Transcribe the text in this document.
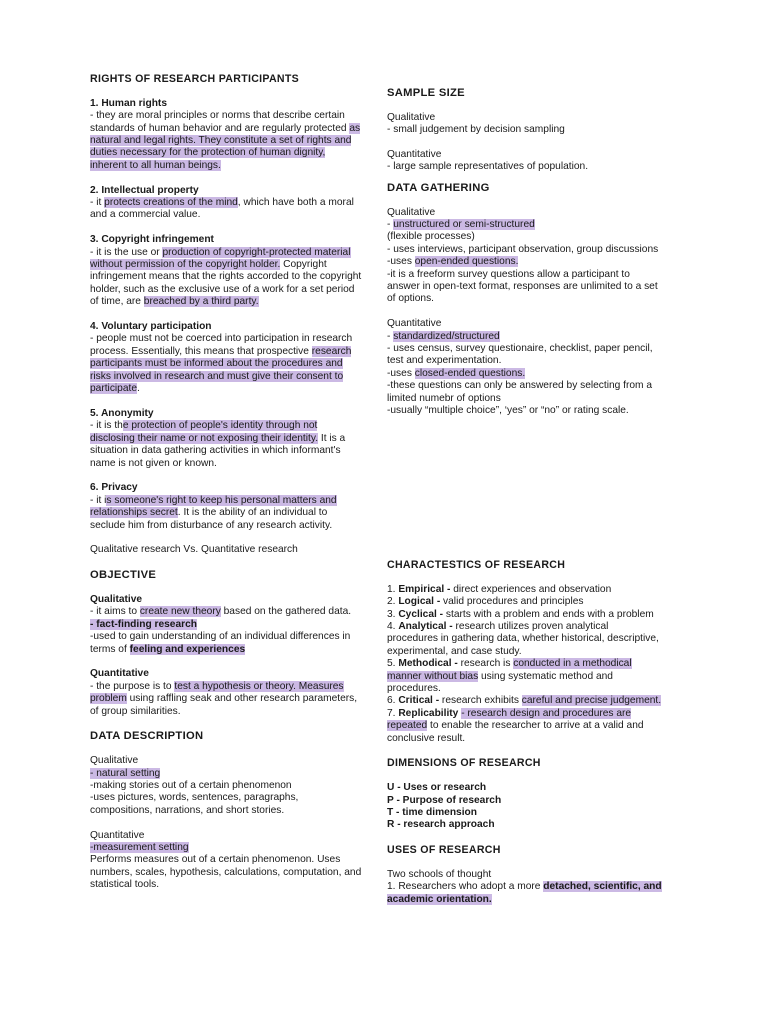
RIGHTS OF RESEARCH PARTICIPANTS

1. Human rights

- they are moral principles or norms that describe certain standards of human behavior and are regularly protected as natural and legal rights. They constitute a set of rights and duties necessary for the protection of human dignity, inherent to all human beings.

2. Intellectual property

- it protects creations of the mind, which have both a moral and a commercial value.

3. Copyright infringement

- it is the use or production of copyright-protected material without permission of the copyright holder. Copyright infringement means that the rights accorded to the copyright holder, such as the exclusive use of a work for a set period of time, are breached by a third party.

4. Voluntary participation

- people must not be coerced into participation in research process. Essentially, this means that prospective research participants must be informed about the procedures and risks involved in research and must give their consent to participate.

5. Anonymity

- it is the protection of people's identity through not disclosing their name or not exposing their identity. It is a situation in data gathering activities in which informant's name is not given or known.

6. Privacy

- it is someone's right to keep his personal matters and relationships secret. It is the ability of an individual to seclude him from disturbance of any research activity.

Qualitative research Vs. Quantitative research

OBJECTIVE

Qualitative

- it aims to create new theory based on the gathered data.

- fact-finding research

-used to gain understanding of an individual differences in terms of feeling and experiences

Quantitative

- the purpose is to test a hypothesis or theory. Measures problem using raffling seak and other research parameters, of group similarities.

DATA DESCRIPTION

Qualitative

- natural setting

-making stories out of a certain phenomenon

-uses pictures, words, sentences, paragraphs, compositions, narrations, and short stories.

Quantitative

-measurement setting

Performs measures out of a certain phenomenon. Uses numbers, scales, hypothesis, calculations, computation, and statistical tools.

SAMPLE SIZE

Qualitative

- small judgement by decision sampling

Quantitative

- large sample representatives of population.

DATA GATHERING

Qualitative

- unstructured or semi-structured

(flexible processes)

- uses interviews, participant observation, group discussions

-uses open-ended questions.

-it is a freeform survey questions allow a participant to answer in open-text format, responses are unlimited to a set of options.

Quantitative

- standardized/structured

- uses census, survey questionaire, checklist, paper pencil, test and experimentation.

-uses closed-ended questions.

-these questions can only be answered by selecting from a limited numebr of options

-usually “multiple choice”, ‘yes” or “no” or rating scale.

CHARACTESTICS OF RESEARCH

1. Empirical - direct experiences and observation

2. Logical - valid procedures and principles

3. Cyclical - starts with a problem and ends with a problem

4. Analytical - research utilizes proven analytical procedures in gathering data, whether historical, descriptive, experimental, and case study.

5. Methodical - research is conducted in a methodical manner without bias using systematic method and procedures.

6. Critical - research exhibits careful and precise judgement.

7. Replicability - research design and procedures are repeated to enable the researcher to arrive at a valid and conclusive result.

DIMENSIONS OF RESEARCH

U - Uses or research

P - Purpose of research

T - time dimension

R - research approach

USES OF RESEARCH

Two schools of thought

1. Researchers who adopt a more detached, scientific, and academic orientation.
